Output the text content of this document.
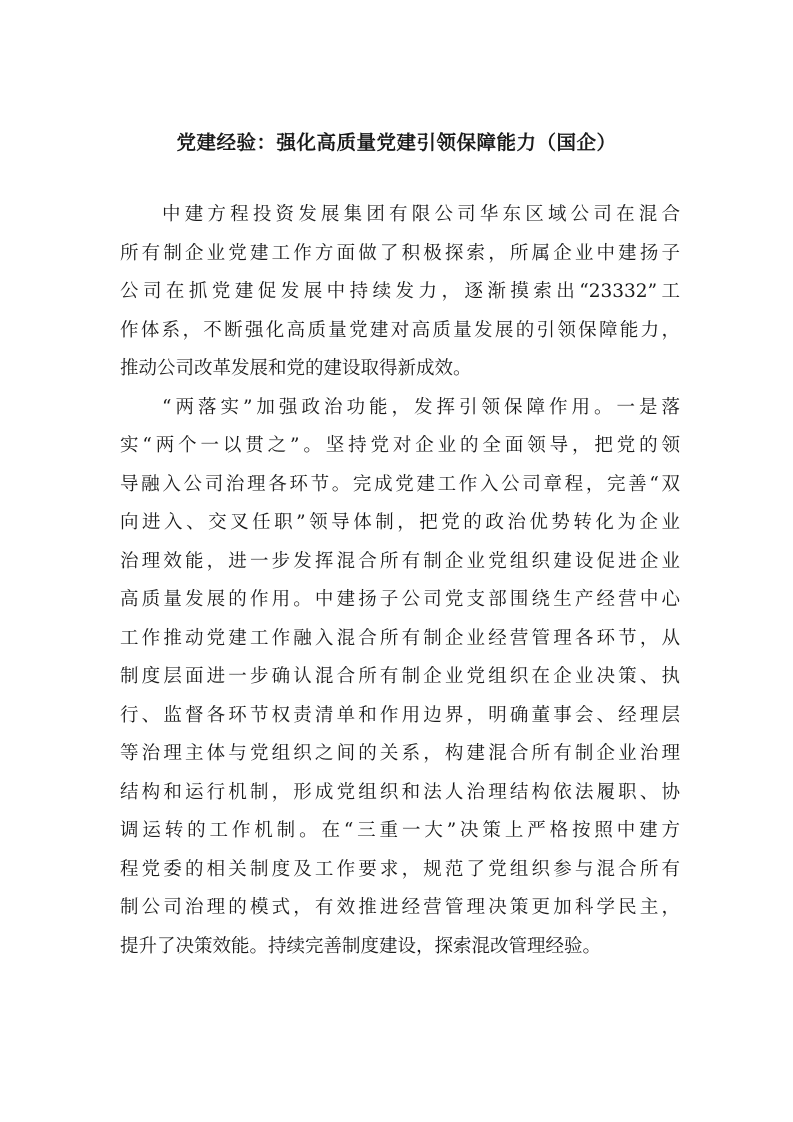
党建经验：强化高质量党建引领保障能力（国企）
中建方程投资发展集团有限公司华东区域公司在混合
所有制企业党建工作方面做了积极探索，所属企业中建扬子
公司在抓党建促发展中持续发力，逐渐摸索出“23332”工
作体系，不断强化高质量党建对高质量发展的引领保障能力，
推动公司改革发展和党的建设取得新成效。
“两落实”加强政治功能，发挥引领保障作用。一是落
实“两个一以贯之”。坚持党对企业的全面领导，把党的领
导融入公司治理各环节。完成党建工作入公司章程，完善“双
向进入、交叉任职”领导体制，把党的政治优势转化为企业
治理效能，进一步发挥混合所有制企业党组织建设促进企业
高质量发展的作用。中建扬子公司党支部围绕生产经营中心
工作推动党建工作融入混合所有制企业经营管理各环节，从
制度层面进一步确认混合所有制企业党组织在企业决策、执
行、监督各环节权责清单和作用边界，明确董事会、经理层
等治理主体与党组织之间的关系，构建混合所有制企业治理
结构和运行机制，形成党组织和法人治理结构依法履职、协
调运转的工作机制。在“三重一大”决策上严格按照中建方
程党委的相关制度及工作要求，规范了党组织参与混合所有
制公司治理的模式，有效推进经营管理决策更加科学民主，
提升了决策效能。持续完善制度建设，探索混改管理经验。
